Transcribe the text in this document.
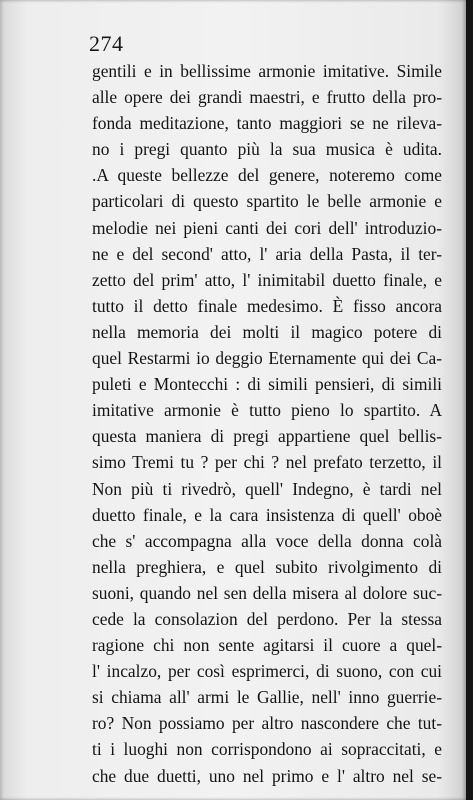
274
gentili e in bellissime armonie imitative. Simile
alle opere dei grandi maestri, e frutto della pro-
fonda meditazione, tanto maggiori se ne rileva-
no i pregi quanto più la sua musica è udita.
.A queste bellezze del genere, noteremo come
particolari di questo spartito le belle armonie e
melodie nei pieni canti dei cori dell' introduzio-
ne e del second' atto, l' aria della Pasta, il ter-
zetto del prim' atto, l' inimitabil duetto finale, e
tutto il detto finale medesimo. È fisso ancora
nella memoria dei molti il magico potere di
quel Restarmi io deggio Eternamente qui dei Ca-
puleti e Montecchi : di simili pensieri, di simili
imitative armonie è tutto pieno lo spartito. A
questa maniera di pregi appartiene quel bellis-
simo Tremi tu ? per chi ? nel prefato terzetto, il
Non più ti rivedrò, quell' Indegno, è tardi nel
duetto finale, e la cara insistenza di quell' oboè
che s' accompagna alla voce della donna colà
nella preghiera, e quel subito rivolgimento di
suoni, quando nel sen della misera al dolore suc-
cede la consolazion del perdono. Per la stessa
ragione chi non sente agitarsi il cuore a quel-
l' incalzo, per così esprimerci, di suono, con cui
si chiama all' armi le Gallie, nell' inno guerrie-
ro? Non possiamo per altro nascondere che tut-
ti i luoghi non corrispondono ai sopraccitati, e
che due duetti, uno nel primo e l' altro nel se-
